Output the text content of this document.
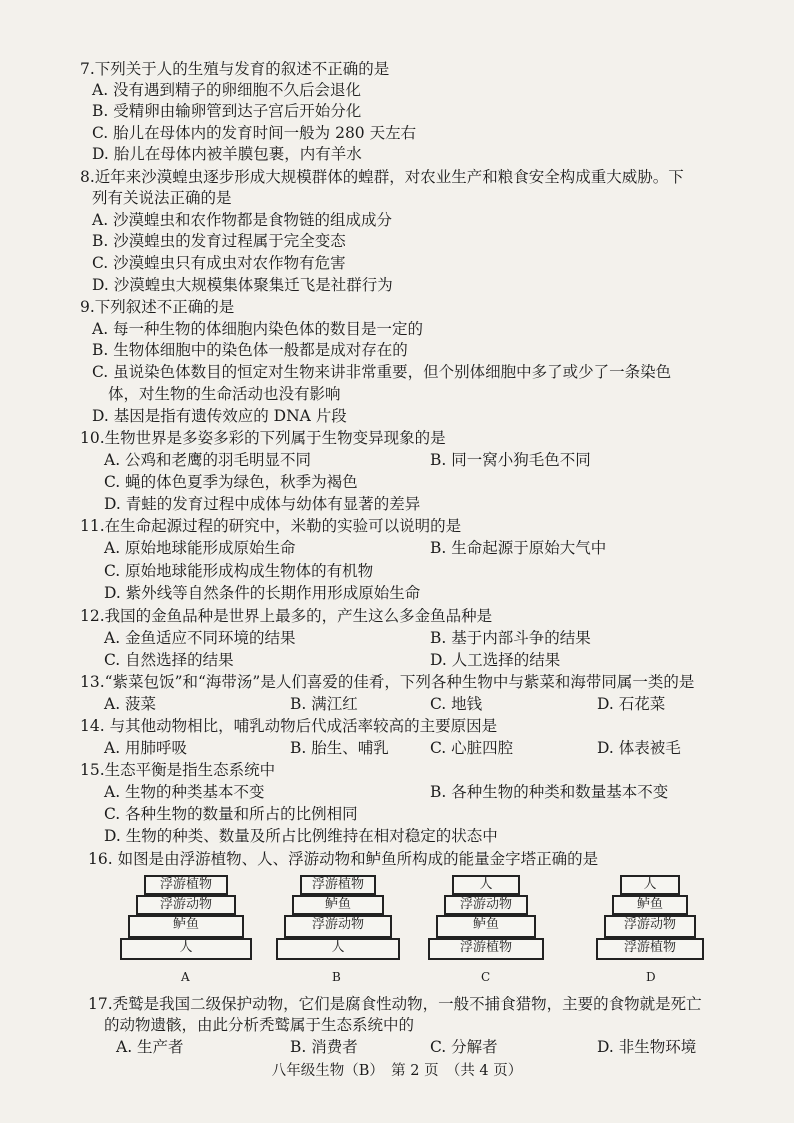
7.下列关于人的生殖与发育的叙述不正确的是
A. 没有遇到精子的卵细胞不久后会退化
B. 受精卵由输卵管到达子宫后开始分化
C. 胎儿在母体内的发育时间一般为 280 天左右
D. 胎儿在母体内被羊膜包裹，内有羊水
8.近年来沙漠蝗虫逐步形成大规模群体的蝗群，对农业生产和粮食安全构成重大威胁。下
列有关说法正确的是
A. 沙漠蝗虫和农作物都是食物链的组成成分
B. 沙漠蝗虫的发育过程属于完全变态
C. 沙漠蝗虫只有成虫对农作物有危害
D. 沙漠蝗虫大规模集体聚集迁飞是社群行为
9.下列叙述不正确的是
A. 每一种生物的体细胞内染色体的数目是一定的
B. 生物体细胞中的染色体一般都是成对存在的
C. 虽说染色体数目的恒定对生物来讲非常重要，但个别体细胞中多了或少了一条染色
体，对生物的生命活动也没有影响
D. 基因是指有遗传效应的 DNA 片段
10.生物世界是多姿多彩的下列属于生物变异现象的是
A. 公鸡和老鹰的羽毛明显不同	B. 同一窝小狗毛色不同
C. 蝇的体色夏季为绿色，秋季为褐色
D. 青蛙的发育过程中成体与幼体有显著的差异
11.在生命起源过程的研究中，米勒的实验可以说明的是
A. 原始地球能形成原始生命	B. 生命起源于原始大气中
C. 原始地球能形成构成生物体的有机物
D. 紫外线等自然条件的长期作用形成原始生命
12.我国的金鱼品种是世界上最多的，产生这么多金鱼品种是
A. 金鱼适应不同环境的结果	B. 基于内部斗争的结果
C. 自然选择的结果	D. 人工选择的结果
13.“紫菜包饭”和“海带汤”是人们喜爱的佳肴，下列各种生物中与紫菜和海带同属一类的是
A. 菠菜	B. 满江红	C. 地钱	D. 石花菜
14. 与其他动物相比，哺乳动物后代成活率较高的主要原因是
A. 用肺呼吸	B. 胎生、哺乳	C. 心脏四腔	D. 体表被毛
15.生态平衡是指生态系统中
A. 生物的种类基本不变	B. 各种生物的种类和数量基本不变
C. 各种生物的数量和所占的比例相同
D. 生物的种类、数量及所占比例维持在相对稳定的状态中
16. 如图是由浮游植物、人、浮游动物和鲈鱼所构成的能量金字塔正确的是
浮游植物
浮游动物
鲈鱼
人
A
浮游植物
鲈鱼
浮游动物
人
B
人
浮游动物
鲈鱼
浮游植物
C
人
鲈鱼
浮游动物
浮游植物
D
17.秃鹫是我国二级保护动物，它们是腐食性动物，一般不捕食猎物，主要的食物就是死亡
的动物遗骸，由此分析秃鹫属于生态系统中的
A. 生产者	B. 消费者	C. 分解者	D. 非生物环境
八年级生物（B）　第 2 页　（共 4 页）
